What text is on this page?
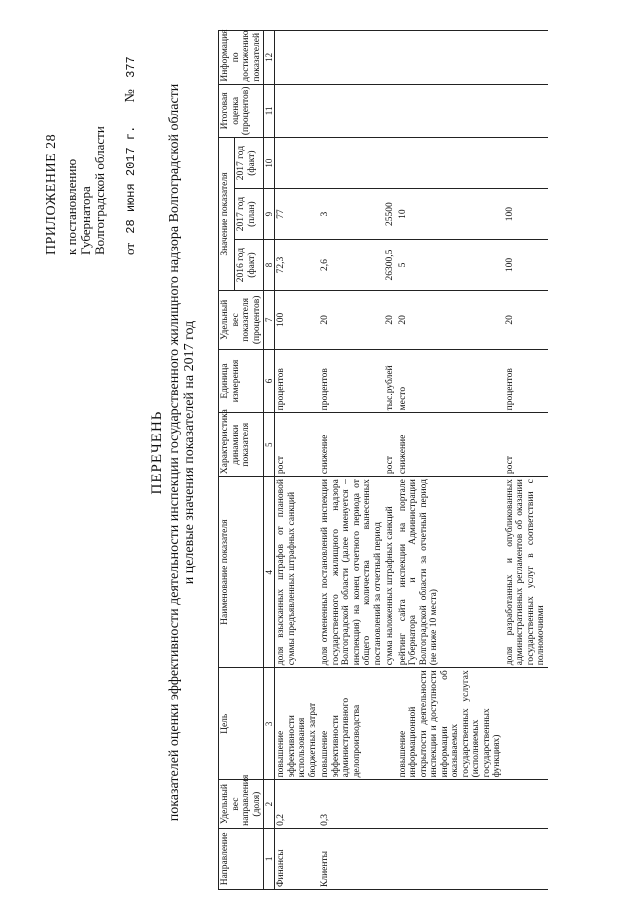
ПРИЛОЖЕНИЕ 28 к постановлению Губернатора Волгоградской области от 28 июня 2017 г. № 377
ПЕРЕЧЕНЬ показателей оценки эффективности деятельности инспекции государственного жилищного надзора Волгоградской области и целевые значения показателей на 2017 год
Направление	Удельный вес направления (доля)	Цель	Наименование показателя	Характеристика динамики показателя	Единица измерения	Удельный вес показателя (процентов)	Значение показателя			Итоговая оценка (процентов)	Информация по достижению показателей
							2016 год (факт)	2017 год (план)	2017 год (факт)		
1	2	3	4	5	6	7	8	9	10	11	12
Финансы	0,2	повышение эффективности использования бюджетных затрат	доля взысканных штрафов от плановой суммы предъявленных штрафных санкций	рост	процентов	100	72,3	77			
Клиенты	0,3	повышение эффективности административного делопроизводства	доля отмененных постановлений инспекции государственного жилищного надзора Волгоградской области (далее именуется – инспекция) на конец отчетного периода от общего количества вынесенных постановлений за отчетный период	снижение	процентов	20	2,6	3			
			сумма наложенных штрафных санкций	рост	тыс.рублей	20	26300,5	25500			
		повышение информационной открытости деятельности инспекции и доступности информации об оказываемых государственных услугах (исполняемых государственных функциях)	рейтинг сайта инспекции на портале Губернатора и Администрации Волгоградской области за отчетный период (не ниже 10 места)	снижение	место	20	5	10			
			доля разработанных и опубликованных административных регламентов об оказании государственных услуг в соответствии с полномочиями	рост	процентов	20	100	100			
